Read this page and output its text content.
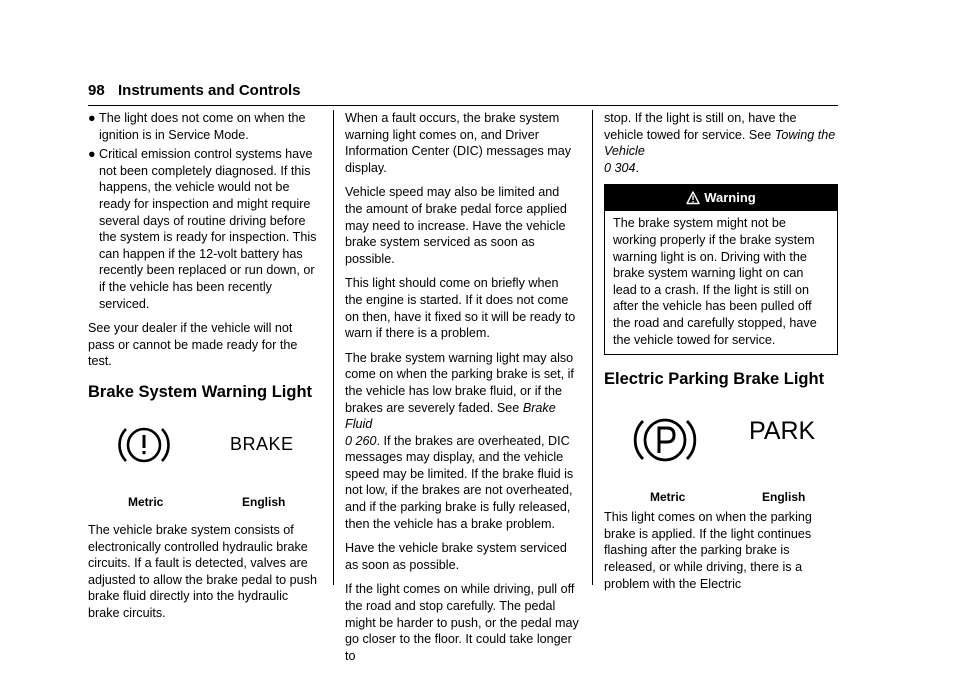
98 Instruments and Controls
● The light does not come on when the ignition is in Service Mode.
● Critical emission control systems have not been completely diagnosed. If this happens, the vehicle would not be ready for inspection and might require several days of routine driving before the system is ready for inspection. This can happen if the 12-volt battery has recently been replaced or run down, or if the vehicle has been recently serviced.

See your dealer if the vehicle will not pass or cannot be made ready for the test.

Brake System Warning Light
BRAKE
Metric	English

The vehicle brake system consists of electronically controlled hydraulic brake circuits. If a fault is detected, valves are adjusted to allow the brake pedal to push brake fluid directly into the hydraulic brake circuits.

When a fault occurs, the brake system warning light comes on, and Driver Information Center (DIC) messages may display.

Vehicle speed may also be limited and the amount of brake pedal force applied may need to increase. Have the vehicle brake system serviced as soon as possible.

This light should come on briefly when the engine is started. If it does not come on then, have it fixed so it will be ready to warn if there is a problem.

The brake system warning light may also come on when the parking brake is set, if the vehicle has low brake fluid, or if the brakes are severely faded. See Brake Fluid
0 260. If the brakes are overheated, DIC messages may display, and the vehicle speed may be limited. If the brake fluid is not low, if the brakes are not overheated, and if the parking brake is fully released, then the vehicle has a brake problem.

Have the vehicle brake system serviced as soon as possible.

If the light comes on while driving, pull off the road and stop carefully. The pedal might be harder to push, or the pedal may go closer to the floor. It could take longer to

stop. If the light is still on, have the vehicle towed for service. See Towing the Vehicle
0 304.

Warning
The brake system might not be working properly if the brake system warning light is on. Driving with the brake system warning light on can lead to a crash. If the light is still on after the vehicle has been pulled off the road and carefully stopped, have the vehicle towed for service.
Electric Parking Brake Light
PARK
Metric	English

This light comes on when the parking brake is applied. If the light continues flashing after the parking brake is released, or while driving, there is a problem with the Electric
